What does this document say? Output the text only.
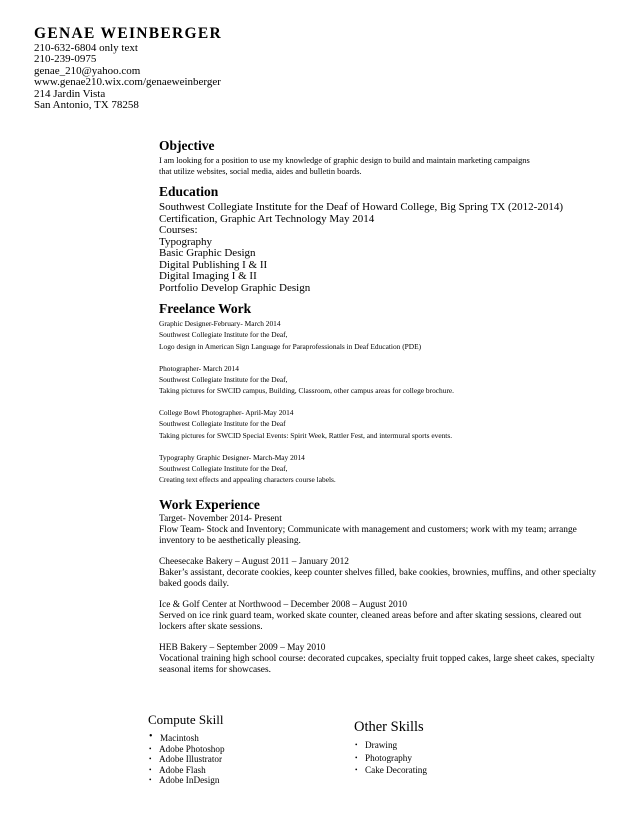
GENAE WEINBERGER
210-632-6804 only text
210-239-0975
genae_210@yahoo.com
www.genae210.wix.com/genaeweinberger
214 Jardin Vista
San Antonio, TX 78258
Objective
I am looking for a position to use my knowledge of graphic design to build and maintain marketing campaigns
that utilize websites, social media, aides and bulletin boards.
Education
Southwest Collegiate Institute for the Deaf of Howard College, Big Spring TX (2012-2014)
Certification, Graphic Art Technology May 2014
Courses:
Typography
Basic Graphic Design
Digital Publishing I & II
Digital Imaging I & II
Portfolio Develop Graphic Design
Freelance Work
Graphic Designer-February- March 2014
Southwest Collegiate Institute for the Deaf,
Logo design in American Sign Language for Paraprofessionals in Deaf Education (PDE)
Photographer- March 2014
Southwest Collegiate Institute for the Deaf,
Taking pictures for SWCID campus, Building, Classroom, other campus areas for college brochure.
College Bowl Photographer- April-May 2014
Southwest Collegiate Institute for the Deaf
Taking pictures for SWCID Special Events: Spirit Week, Rattler Fest, and intermural sports events.
Typography Graphic Designer- March-May 2014
Southwest Collegiate Institute for the Deaf,
Creating text effects and appealing characters course labels.
Work Experience
Target- November 2014- Present
Flow Team- Stock and Inventory; Communicate with management and customers; work with my team; arrange inventory to be aesthetically pleasing.
Cheesecake Bakery – August 2011 – January 2012
Baker’s assistant, decorate cookies, keep counter shelves filled, bake cookies, brownies, muffins, and other specialty baked goods daily.
Ice & Golf Center at Northwood – December 2008 – August 2010
Served on ice rink guard team, worked skate counter, cleaned areas before and after skating sessions, cleared out lockers after skate sessions.
HEB Bakery – September 2009 – May 2010
Vocational training high school course: decorated cupcakes, specialty fruit topped cakes, large sheet cakes, specialty seasonal items for showcases.
Compute Skill
• Macintosh
• Adobe Photoshop
• Adobe Illustrator
• Adobe Flash
• Adobe InDesign
Other Skills
• Drawing
• Photography
• Cake Decorating
